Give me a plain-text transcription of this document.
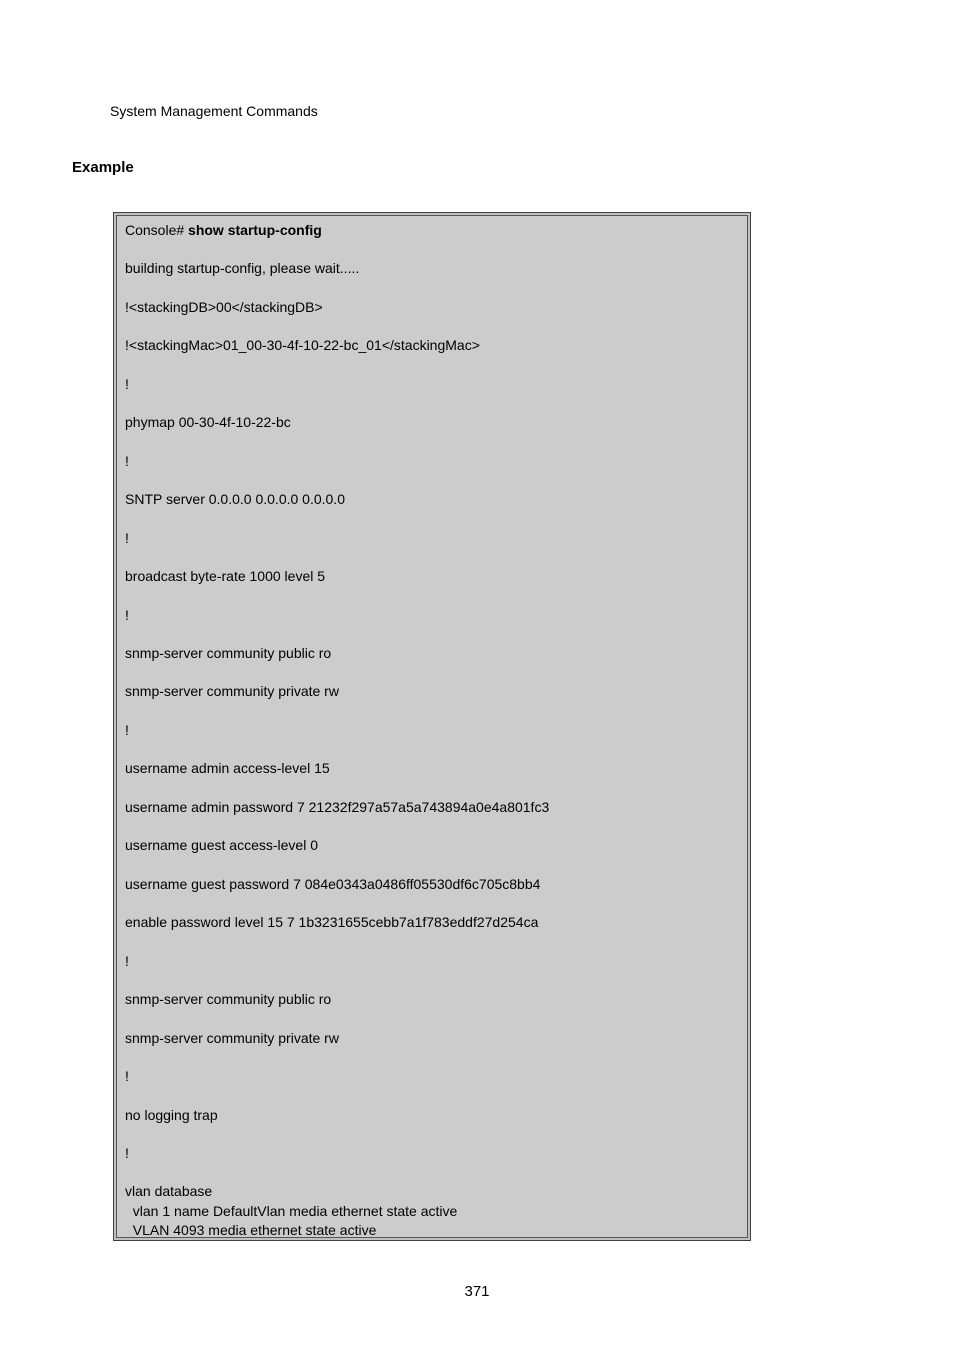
System Management Commands
Example
Console# show startup-config
building startup-config, please wait.....
!<stackingDB>00</stackingDB>
!<stackingMac>01_00-30-4f-10-22-bc_01</stackingMac>
!
phymap 00-30-4f-10-22-bc
!
SNTP server 0.0.0.0 0.0.0.0 0.0.0.0
!
broadcast byte-rate 1000 level 5
!
snmp-server community public ro
snmp-server community private rw
!
username admin access-level 15
username admin password 7 21232f297a57a5a743894a0e4a801fc3
username guest access-level 0
username guest password 7 084e0343a0486ff05530df6c705c8bb4
enable password level 15 7 1b3231655cebb7a1f783eddf27d254ca
!
snmp-server community public ro
snmp-server community private rw
!
no logging trap
!
vlan database
vlan 1 name DefaultVlan media ethernet state active
VLAN 4093 media ethernet state active
371
